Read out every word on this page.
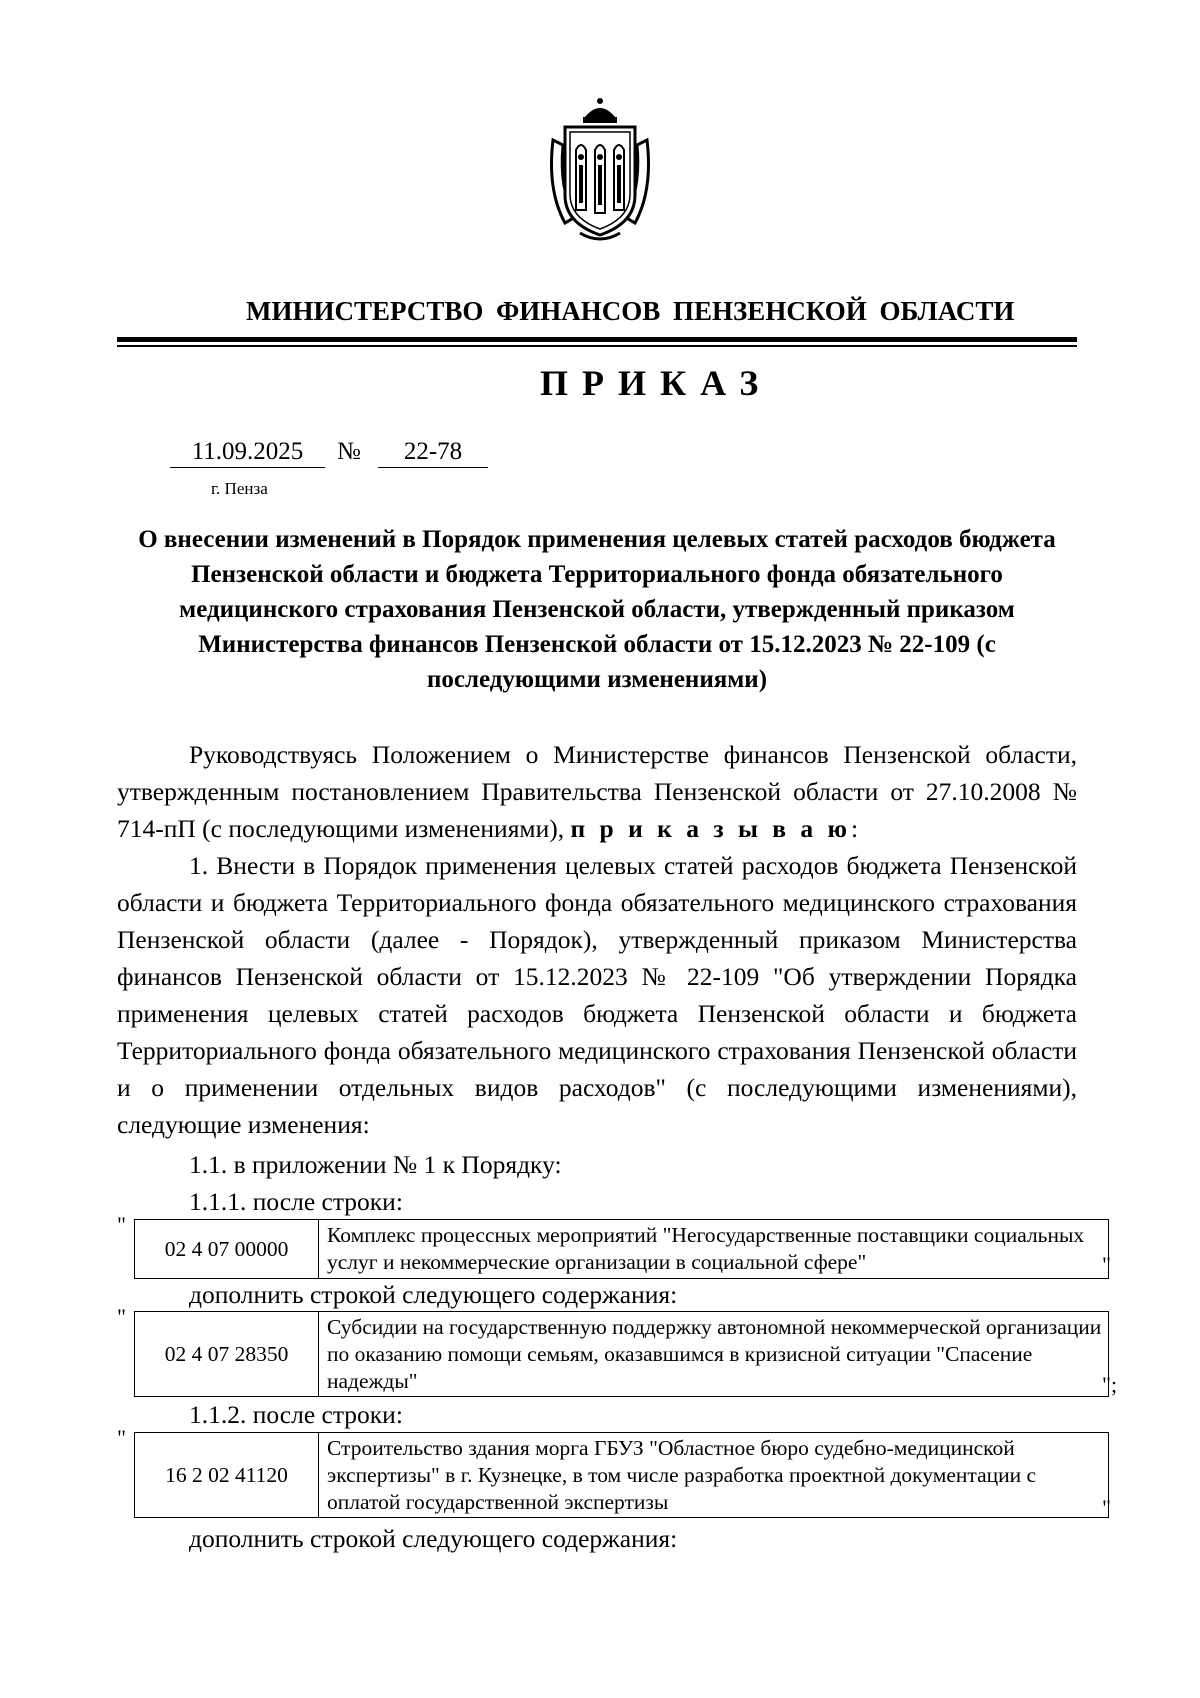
МИНИСТЕРСТВО ФИНАНСОВ ПЕНЗЕНСКОЙ ОБЛАСТИ
ПРИКАЗ
11.09.2025	№	22-78
г. Пенза
О внесении изменений в Порядок применения целевых статей расходов бюджета Пензенской области и бюджета Территориального фонда обязательного медицинского страхования Пензенской области, утвержденный приказом Министерства финансов Пензенской области от 15.12.2023 № 22-109 (с последующими изменениями)

Руководствуясь Положением о Министерстве финансов Пензенской области, утвержденным постановлением Правительства Пензенской области от 27.10.2008 № 714-пП (с последующими изменениями), п р и к а з ы в а ю:

1. Внести в Порядок применения целевых статей расходов бюджета Пензенской области и бюджета Территориального фонда обязательного медицинского страхования Пензенской области (далее - Порядок), утвержденный приказом Министерства финансов Пензенской области от 15.12.2023 № 22-109 "Об утверждении Порядка применения целевых статей расходов бюджета Пензенской области и бюджета Территориального фонда обязательного медицинского страхования Пензенской области и о применении отдельных видов расходов" (с последующими изменениями), следующие изменения:

1.1. в приложении № 1 к Порядку:
1.1.1. после строки:
"
02 4 07 00000	Комплекс процессных мероприятий "Негосударственные поставщики социальных услуг и некоммерческие организации в социальной сфере"	"
дополнить строкой следующего содержания:
"
02 4 07 28350	Субсидии на государственную поддержку автономной некоммерческой организации по оказанию помощи семьям, оказавшимся в кризисной ситуации "Спасение надежды"	";
1.1.2. после строки:
"
16 2 02 41120	Строительство здания морга ГБУЗ "Областное бюро судебно-медицинской экспертизы" в г. Кузнецке, в том числе разработка проектной документации с оплатой государственной экспертизы	"
дополнить строкой следующего содержания:
